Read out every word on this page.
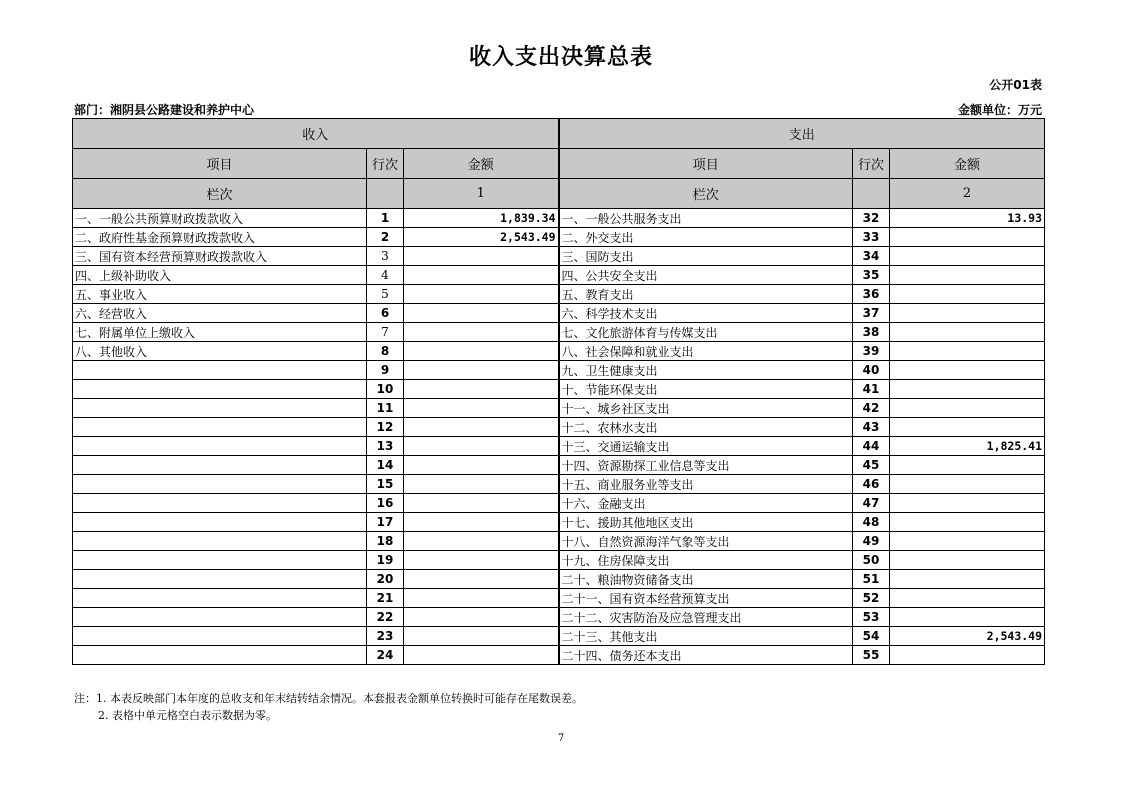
收入支出决算总表
公开01表
部门：湘阴县公路建设和养护中心	金额单位：万元
收入			支出		
项目	行次	金额	项目	行次	金额
栏次		1	栏次		2
一、一般公共预算财政拨款收入	1	1,839.34	一、一般公共服务支出	32	13.93
二、政府性基金预算财政拨款收入	2	2,543.49	二、外交支出	33	
三、国有资本经营预算财政拨款收入	3		三、国防支出	34	
四、上级补助收入	4		四、公共安全支出	35	
五、事业收入	5		五、教育支出	36	
六、经营收入	6		六、科学技术支出	37	
七、附属单位上缴收入	7		七、文化旅游体育与传媒支出	38	
八、其他收入	8		八、社会保障和就业支出	39	
	9		九、卫生健康支出	40	
	10		十、节能环保支出	41	
	11		十一、城乡社区支出	42	
	12		十二、农林水支出	43	
	13		十三、交通运输支出	44	1,825.41
	14		十四、资源勘探工业信息等支出	45	
	15		十五、商业服务业等支出	46	
	16		十六、金融支出	47	
	17		十七、援助其他地区支出	48	
	18		十八、自然资源海洋气象等支出	49	
	19		十九、住房保障支出	50	
	20		二十、粮油物资储备支出	51	
	21		二十一、国有资本经营预算支出	52	
	22		二十二、灾害防治及应急管理支出	53	
	23		二十三、其他支出	54	2,543.49
	24		二十四、债务还本支出	55	
注：1. 本表反映部门本年度的总收支和年末结转结余情况。本套报表金额单位转换时可能存在尾数误差。
2. 表格中单元格空白表示数据为零。
7
